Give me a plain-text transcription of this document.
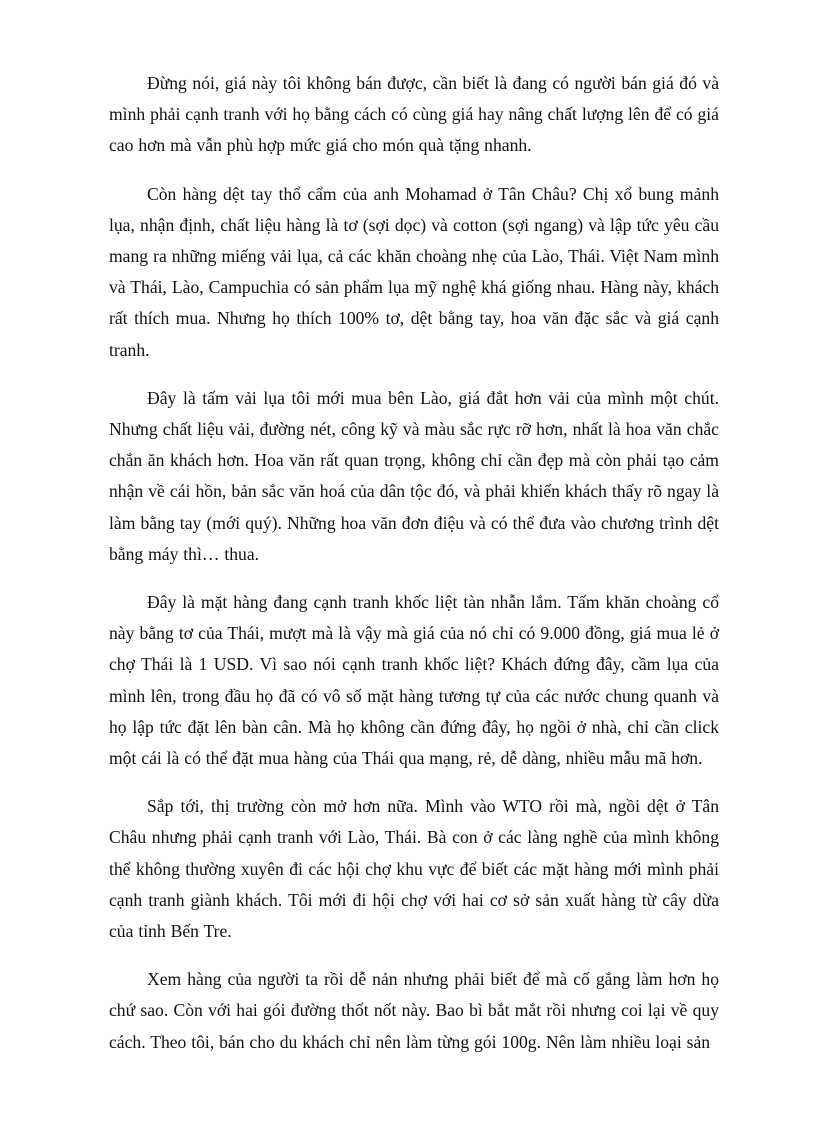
Đừng nói, giá này tôi không bán được, cần biết là đang có người bán giá đó và mình phải cạnh tranh với họ bằng cách có cùng giá hay nâng chất lượng lên để có giá cao hơn mà vẫn phù hợp mức giá cho món quà tặng nhanh.

Còn hàng dệt tay thổ cẩm của anh Mohamad ở Tân Châu? Chị xổ bung mảnh lụa, nhận định, chất liệu hàng là tơ (sợi dọc) và cotton (sợi ngang) và lập tức yêu cầu mang ra những miếng vải lụa, cả các khăn choàng nhẹ của Lào, Thái. Việt Nam mình và Thái, Lào, Campuchia có sản phẩm lụa mỹ nghệ khá giống nhau. Hàng này, khách rất thích mua. Nhưng họ thích 100% tơ, dệt bằng tay, hoa văn đặc sắc và giá cạnh tranh.

Đây là tấm vải lụa tôi mới mua bên Lào, giá đắt hơn vải của mình một chút. Nhưng chất liệu vải, đường nét, công kỹ và màu sắc rực rỡ hơn, nhất là hoa văn chắc chắn ăn khách hơn. Hoa văn rất quan trọng, không chỉ cần đẹp mà còn phải tạo cảm nhận về cái hồn, bản sắc văn hoá của dân tộc đó, và phải khiến khách thấy rõ ngay là làm bằng tay (mới quý). Những hoa văn đơn điệu và có thể đưa vào chương trình dệt bằng máy thì… thua.

Đây là mặt hàng đang cạnh tranh khốc liệt tàn nhẫn lắm. Tấm khăn choàng cổ này bằng tơ của Thái, mượt mà là vậy mà giá của nó chỉ có 9.000 đồng, giá mua lẻ ở chợ Thái là 1 USD. Vì sao nói cạnh tranh khốc liệt? Khách đứng đây, cầm lụa của mình lên, trong đầu họ đã có vô số mặt hàng tương tự của các nước chung quanh và họ lập tức đặt lên bàn cân. Mà họ không cần đứng đây, họ ngồi ở nhà, chỉ cần click một cái là có thể đặt mua hàng của Thái qua mạng, rẻ, dễ dàng, nhiều mẫu mã hơn.

Sắp tới, thị trường còn mở hơn nữa. Mình vào WTO rồi mà, ngồi dệt ở Tân Châu nhưng phải cạnh tranh với Lào, Thái. Bà con ở các làng nghề của mình không thể không thường xuyên đi các hội chợ khu vực để biết các mặt hàng mới mình phải cạnh tranh giành khách. Tôi mới đi hội chợ với hai cơ sở sản xuất hàng từ cây dừa của tỉnh Bến Tre.

Xem hàng của người ta rồi dễ nản nhưng phải biết để mà cố gắng làm hơn họ chứ sao. Còn với hai gói đường thốt nốt này. Bao bì bắt mắt rồi nhưng coi lại về quy cách. Theo tôi, bán cho du khách chỉ nên làm từng gói 100g. Nên làm nhiều loại sản
